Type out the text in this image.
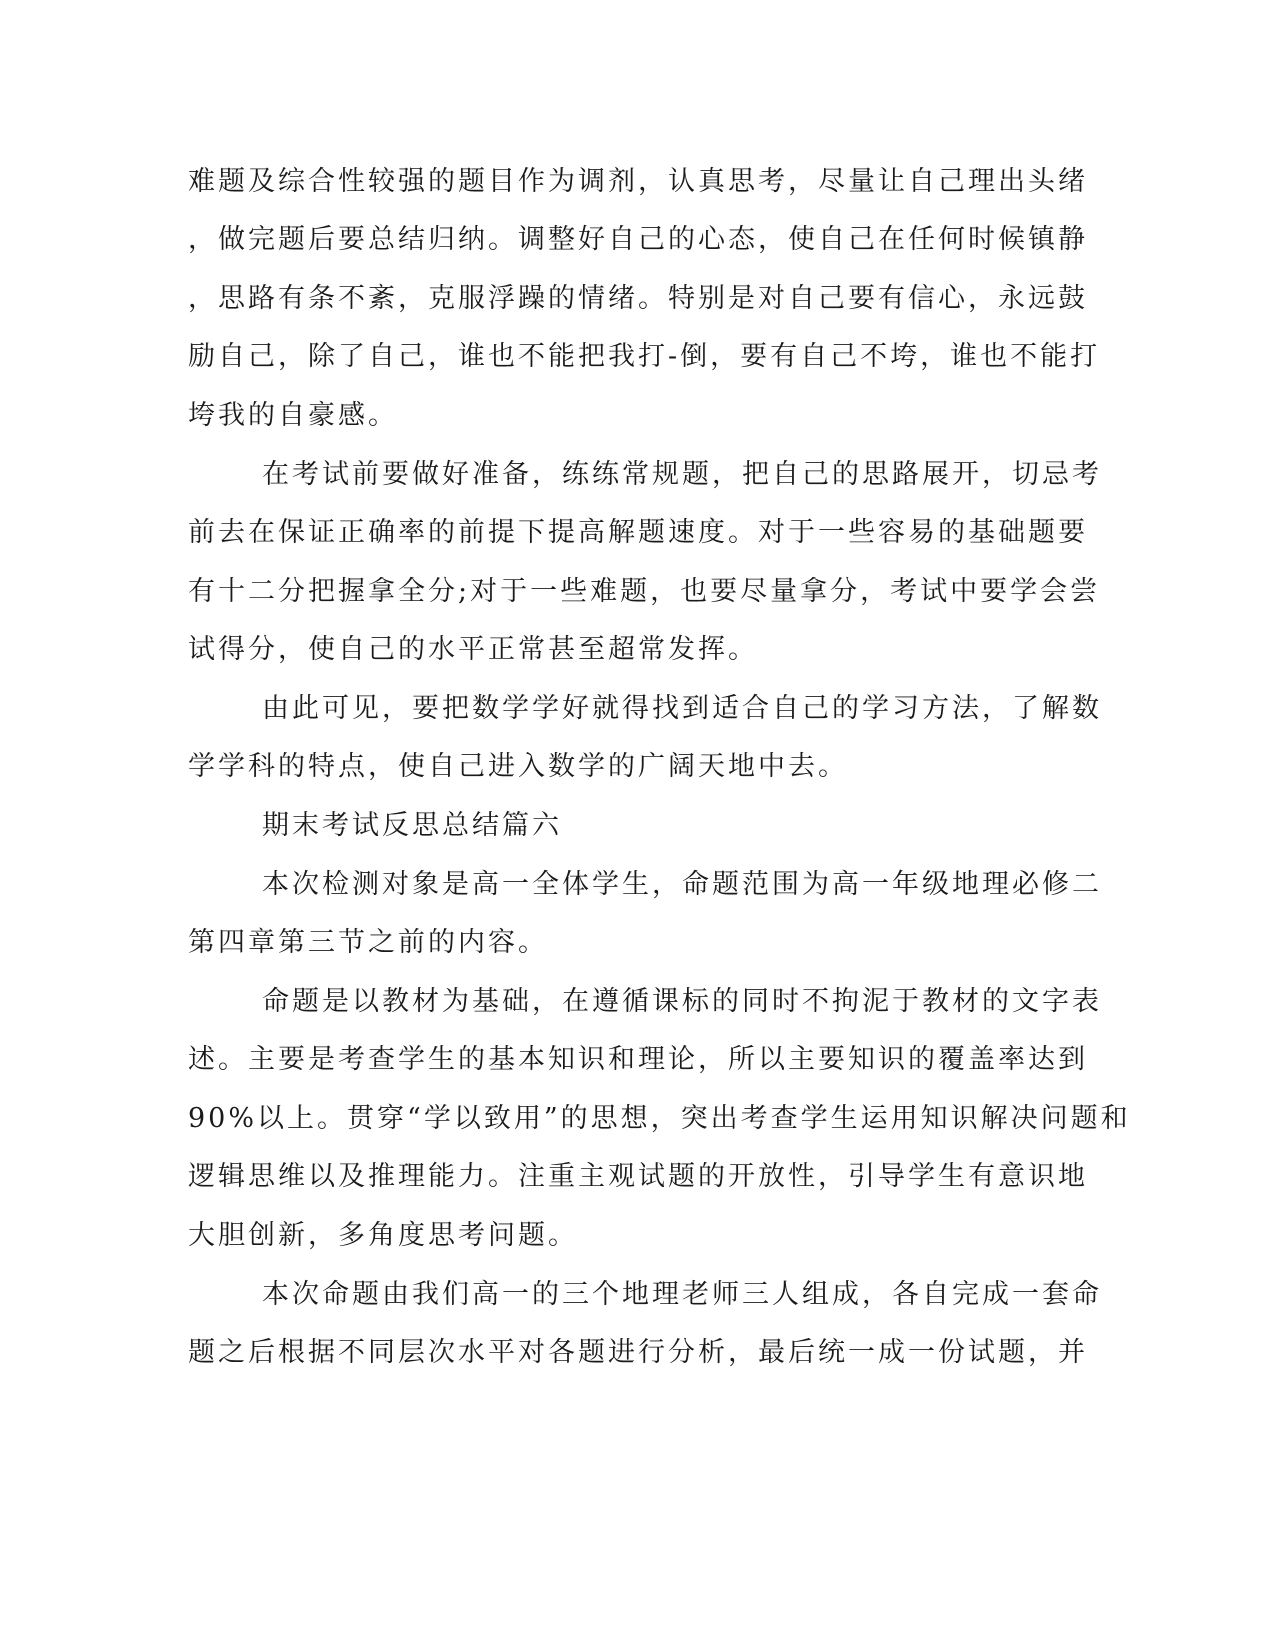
难题及综合性较强的题目作为调剂，认真思考，尽量让自己理出头绪
，做完题后要总结归纳。调整好自己的心态，使自己在任何时候镇静
，思路有条不紊，克服浮躁的情绪。特别是对自己要有信心，永远鼓
励自己，除了自己，谁也不能把我打-倒，要有自己不垮，谁也不能打
垮我的自豪感。
在考试前要做好准备，练练常规题，把自己的思路展开，切忌考
前去在保证正确率的前提下提高解题速度。对于一些容易的基础题要
有十二分把握拿全分;对于一些难题，也要尽量拿分，考试中要学会尝
试得分，使自己的水平正常甚至超常发挥。
由此可见，要把数学学好就得找到适合自己的学习方法，了解数
学学科的特点，使自己进入数学的广阔天地中去。
期末考试反思总结篇六
本次检测对象是高一全体学生，命题范围为高一年级地理必修二
第四章第三节之前的内容。
命题是以教材为基础，在遵循课标的同时不拘泥于教材的文字表
述。主要是考查学生的基本知识和理论，所以主要知识的覆盖率达到
90%以上。贯穿“学以致用”的思想，突出考查学生运用知识解决问题和
逻辑思维以及推理能力。注重主观试题的开放性，引导学生有意识地
大胆创新，多角度思考问题。
本次命题由我们高一的三个地理老师三人组成，各自完成一套命
题之后根据不同层次水平对各题进行分析，最后统一成一份试题，并
